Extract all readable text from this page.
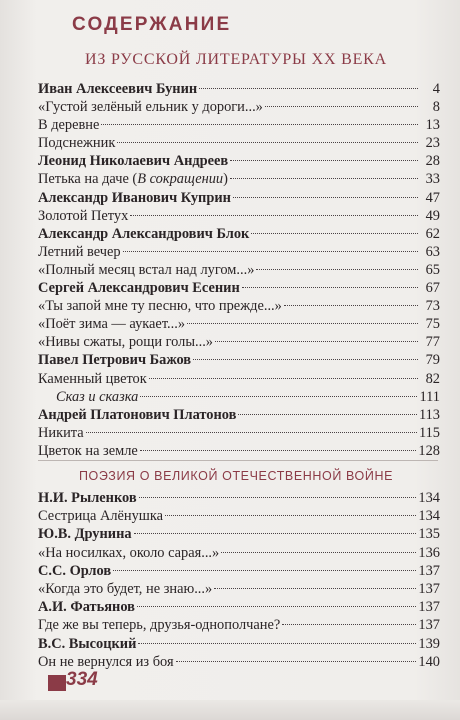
СОДЕРЖАНИЕ
ИЗ РУССКОЙ ЛИТЕРАТУРЫ XX ВЕКА
Иван Алексеевич Бунин	4
«Густой зелёный ельник у дороги...»	8
В деревне	13
Подснежник	23
Леонид Николаевич Андреев	28
Петька на даче (В сокращении)	33
Александр Иванович Куприн	47
Золотой Петух	49
Александр Александрович Блок	62
Летний вечер	63
«Полный месяц встал над лугом...»	65
Сергей Александрович Есенин	67
«Ты запой мне ту песню, что прежде...»	73
«Поёт зима — аукает...»	75
«Нивы сжаты, рощи голы...»	77
Павел Петрович Бажов	79
Каменный цветок	82
Сказ и сказка	111
Андрей Платонович Платонов	113
Никита	115
Цветок на земле	128
ПОЭЗИЯ О ВЕЛИКОЙ ОТЕЧЕСТВЕННОЙ ВОЙНЕ
Н.И. Рыленков	134
Сестрица Алёнушка	134
Ю.В. Друнина	135
«На носилках, около сарая...»	136
С.С. Орлов	137
«Когда это будет, не знаю...»	137
А.И. Фатьянов	137
Где же вы теперь, друзья-однополчане?	137
В.С. Высоцкий	139
Он не вернулся из боя	140
334
